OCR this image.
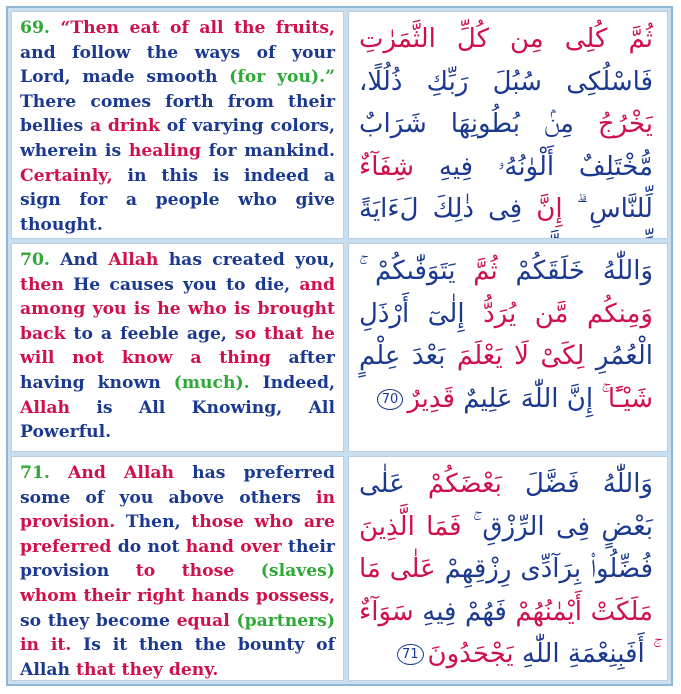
69. “Then eat of all the fruits, and follow the ways of your Lord, made smooth (for you).” There comes forth from their bellies a drink of varying colors, wherein is healing for mankind. Certainly, in this is indeed a sign for a people who give thought.
ثُمَّ كُلِى مِن كُلِّ الثَّمَرٰتِ فَاسْلُكِى سُبُلَ رَبِّكِ ذُلُلًا، يَخْرُجُ مِنۢ بُطُونِهَا شَرَابٌ مُّخْتَلِفٌ أَلْوٰنُهُۥ فِيهِ شِفَآءٌ لِّلنَّاسِ ۗ إِنَّ فِى ذٰلِكَ لَءَايَةً
70. And Allah has created you, then He causes you to die, and among you is he who is brought back to a feeble age, so that he will not know a thing after having known (much). Indeed, Allah is All Knowing, All Powerful.
وَاللّٰهُ خَلَقَكُمْ ثُمَّ يَتَوَفّٰىكُمْ ۚ وَمِنكُم مَّن يُرَدُّ إِلٰىٓ أَرْذَلِ الْعُمُرِ لِكَىْ لَا يَعْلَمَ بَعْدَ عِلْمٍ شَيْـًٔا ۚ إِنَّ اللّٰهَ عَلِيمٌ قَدِيرٌ70
71. And Allah has preferred some of you above others in provision. Then, those who are preferred do not hand over their provision to those (slaves) whom their right hands possess, so they become equal (partners) in it. Is it then the bounty of Allah that they deny.
وَاللّٰهُ فَضَّلَ بَعْضَكُمْ عَلٰى بَعْضٍ فِى الرِّزْقِ ۚ فَمَا الَّذِينَ فُضِّلُوا۟ بِرَآدِّى رِزْقِهِمْ عَلٰى مَا مَلَكَتْ أَيْمٰنُهُمْ فَهُمْ فِيهِ سَوَآءٌ ۚ أَفَبِنِعْمَةِ اللّٰهِ يَجْحَدُونَ71
